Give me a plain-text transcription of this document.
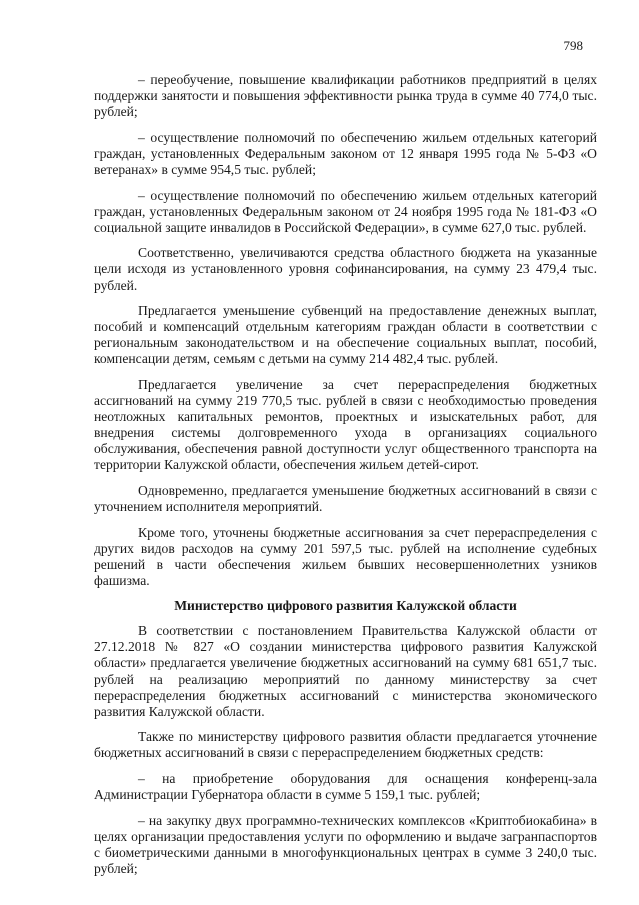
798

– переобучение, повышение квалификации работников предприятий в целях поддержки занятости и повышения эффективности рынка труда в сумме 40 774,0 тыс. рублей;

– осуществление полномочий по обеспечению жильем отдельных категорий граждан, установленных Федеральным законом от 12 января 1995 года № 5-ФЗ «О ветеранах» в сумме 954,5 тыс. рублей;

– осуществление полномочий по обеспечению жильем отдельных категорий граждан, установленных Федеральным законом от 24 ноября 1995 года № 181-ФЗ «О социальной защите инвалидов в Российской Федерации», в сумме 627,0 тыс. рублей.

Соответственно, увеличиваются средства областного бюджета на указанные цели исходя из установленного уровня софинансирования, на сумму 23 479,4 тыс. рублей.

Предлагается уменьшение субвенций на предоставление денежных выплат, пособий и компенсаций отдельным категориям граждан области в соответствии с региональным законодательством и на обеспечение социальных выплат, пособий, компенсации детям, семьям с детьми на сумму 214 482,4 тыс. рублей.

Предлагается увеличение за счет перераспределения бюджетных ассигнований на сумму 219 770,5 тыс. рублей в связи с необходимостью проведения неотложных капитальных ремонтов, проектных и изыскательных работ, для внедрения системы долговременного ухода в организациях социального обслуживания, обеспечения равной доступности услуг общественного транспорта на территории Калужской области, обеспечения жильем детей-сирот.

Одновременно, предлагается уменьшение бюджетных ассигнований в связи с уточнением исполнителя мероприятий.

Кроме того, уточнены бюджетные ассигнования за счет перераспределения с других видов расходов на сумму 201 597,5 тыс. рублей на исполнение судебных решений в части обеспечения жильем бывших несовершеннолетних узников фашизма.

Министерство цифрового развития Калужской области

В соответствии с постановлением Правительства Калужской области от 27.12.2018 № 827 «О создании министерства цифрового развития Калужской области» предлагается увеличение бюджетных ассигнований на сумму 681 651,7 тыс. рублей на реализацию мероприятий по данному министерству за счет перераспределения бюджетных ассигнований с министерства экономического развития Калужской области.

Также по министерству цифрового развития области предлагается уточнение бюджетных ассигнований в связи с перераспределением бюджетных средств:

– на приобретение оборудования для оснащения конференц-зала Администрации Губернатора области в сумме 5 159,1 тыс. рублей;

– на закупку двух программно-технических комплексов «Криптобиокабина» в целях организации предоставления услуги по оформлению и выдаче загранпаспортов с биометрическими данными в многофункциональных центрах в сумме 3 240,0 тыс. рублей;
